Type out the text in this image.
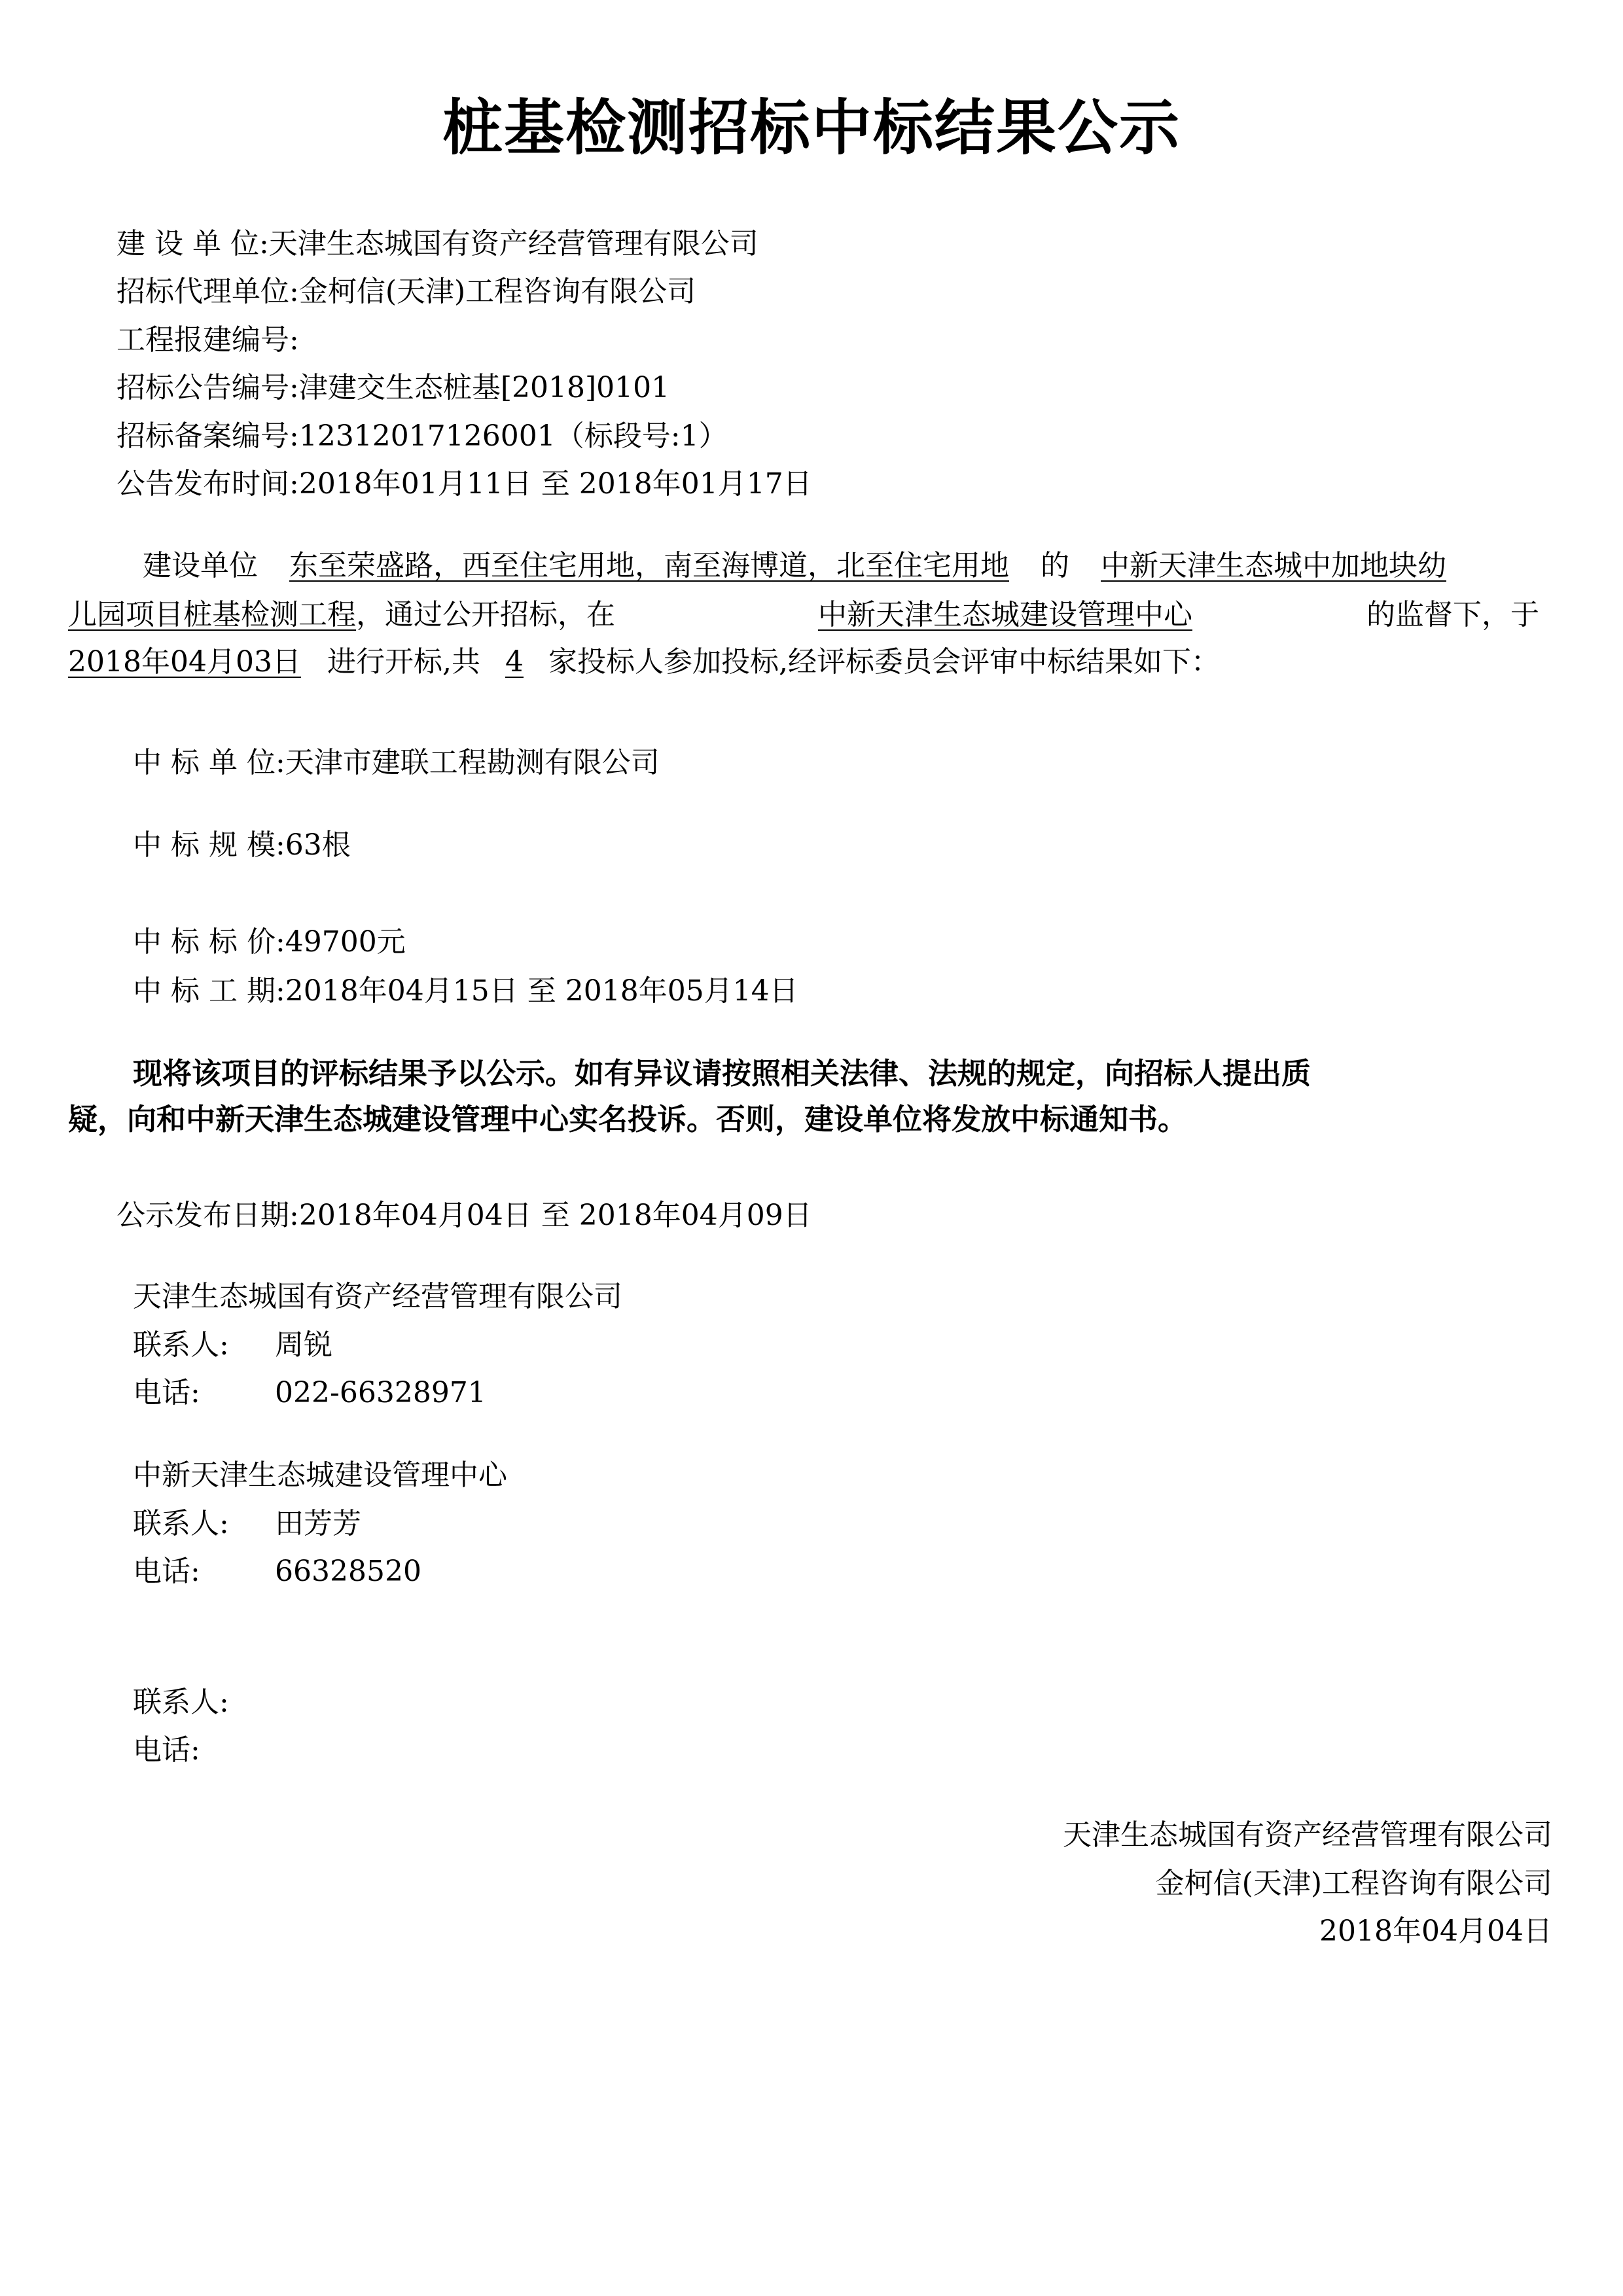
桩基检测招标中标结果公示
建 设 单 位:天津生态城国有资产经营管理有限公司
招标代理单位:金柯信(天津)工程咨询有限公司
工程报建编号:
招标公告编号:津建交生态桩基[2018]0101
招标备案编号:12312017126001（标段号:1）
公告发布时间:2018年01月11日 至 2018年01月17日
建设单位 东至荣盛路，西至住宅用地，南至海博道，北至住宅用地 的 中新天津生态城中加地块幼
儿园项目桩基检测工程，通过公开招标，在	中新天津生态城建设管理中心	的监督下，于
2018年04月03日 进行开标,共 4 家投标人参加投标,经评标委员会评审中标结果如下：
中 标 单 位:天津市建联工程勘测有限公司
中 标 规 模:63根
中 标 标 价:49700元
中 标 工 期:2018年04月15日 至 2018年05月14日
现将该项目的评标结果予以公示。如有异议请按照相关法律、法规的规定，向招标人提出质
疑，向和中新天津生态城建设管理中心实名投诉。否则，建设单位将发放中标通知书。
公示发布日期:2018年04月04日 至 2018年04月09日
天津生态城国有资产经营管理有限公司
联系人: 周锐
电话:	022-66328971
中新天津生态城建设管理中心
联系人: 田芳芳
电话:	66328520
联系人:
电话:
天津生态城国有资产经营管理有限公司
金柯信(天津)工程咨询有限公司
2018年04月04日
